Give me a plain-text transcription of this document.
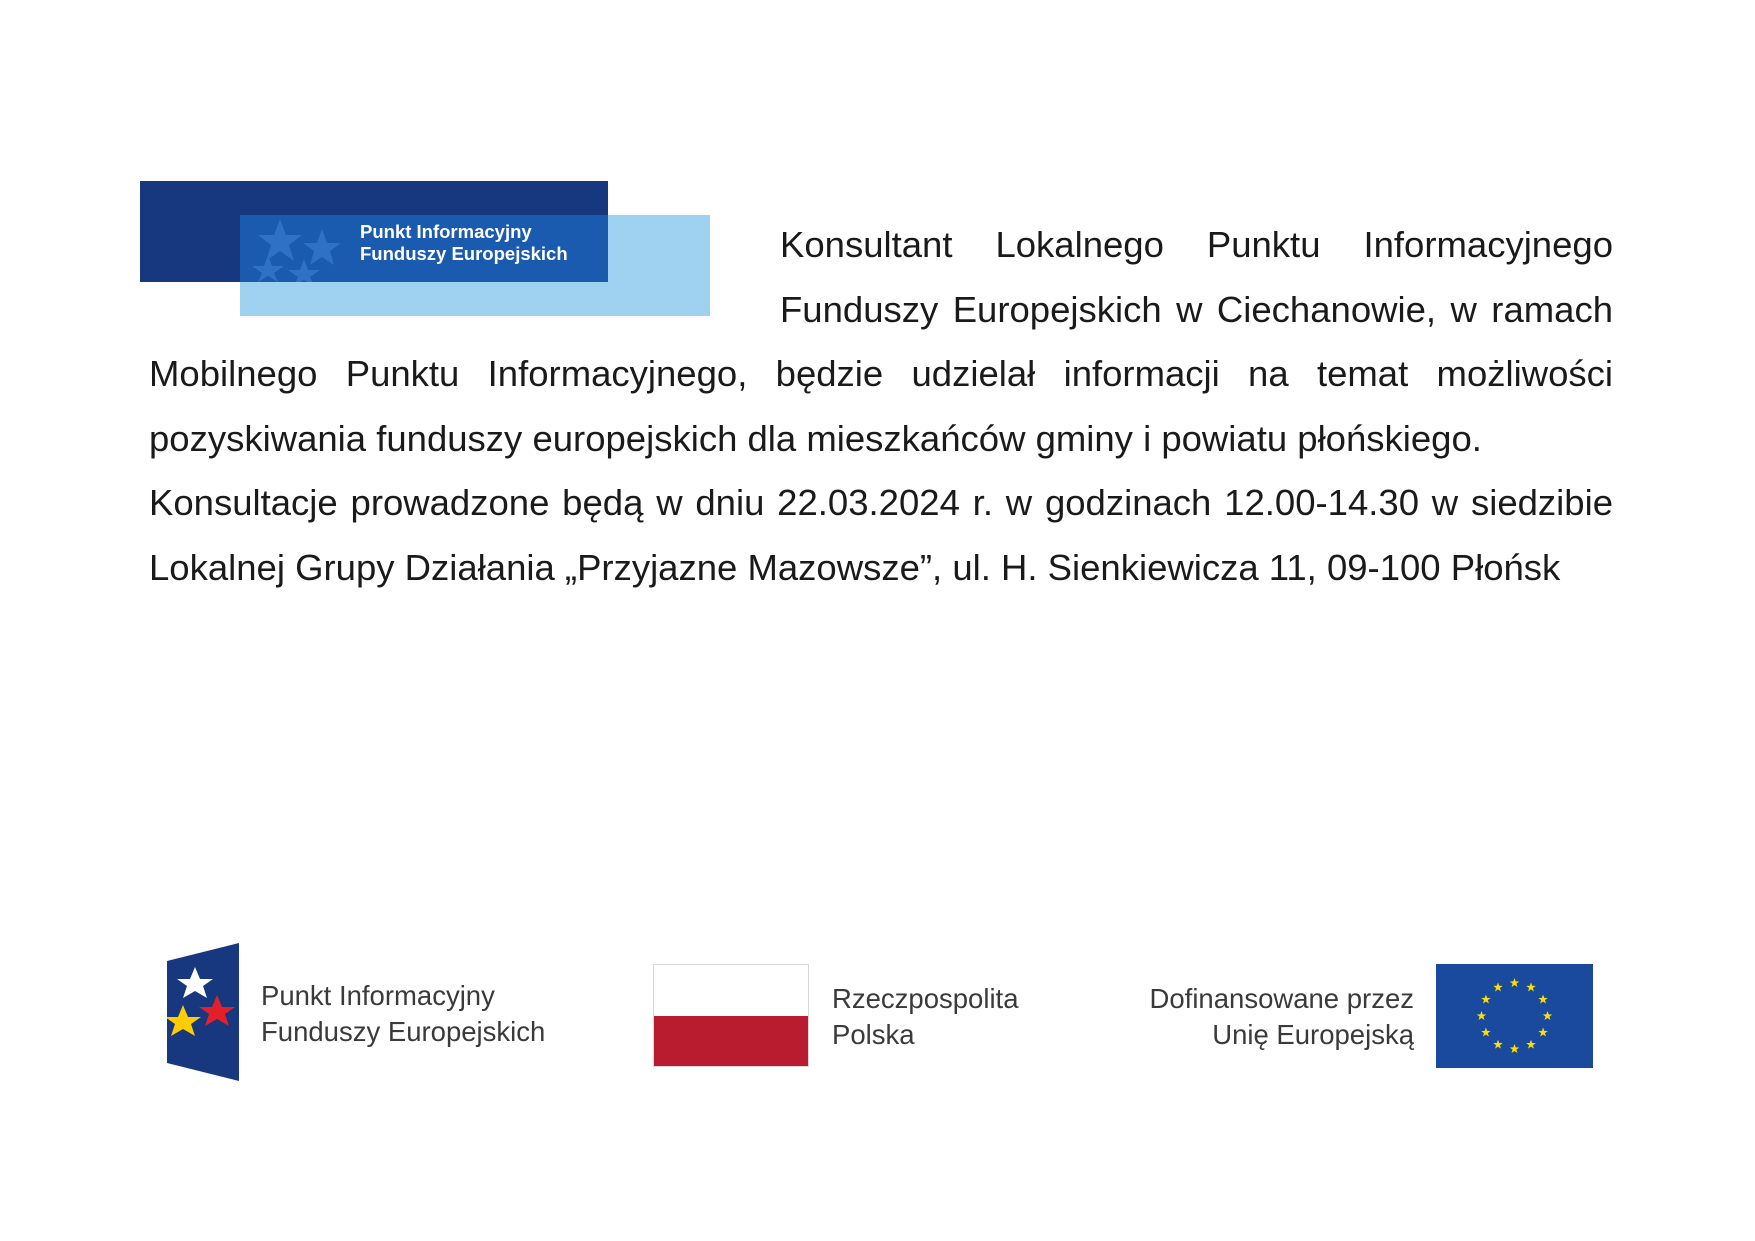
Punkt Informacyjny
Funduszy Europejskich	Konsultant Lokalnego Punktu Informacyjnego Funduszy Europejskich w Ciechanowie, w ramach Mobilnego Punktu Informacyjnego, będzie udzielał informacji na temat możliwości pozyskiwania funduszy europejskich dla mieszkańców gminy i powiatu płońskiego.

Konsultacje prowadzone będą w dniu 22.03.2024 r. w godzinach 12.00-14.30 w siedzibie Lokalnej Grupy Działania „Przyjazne Mazowsze”, ul. H. Sienkiewicza 11, 09-100 Płońsk

Punkt Informacyjny
Funduszy Europejskich
Rzeczpospolita
Polska
Dofinansowane przez
Unię Europejską
